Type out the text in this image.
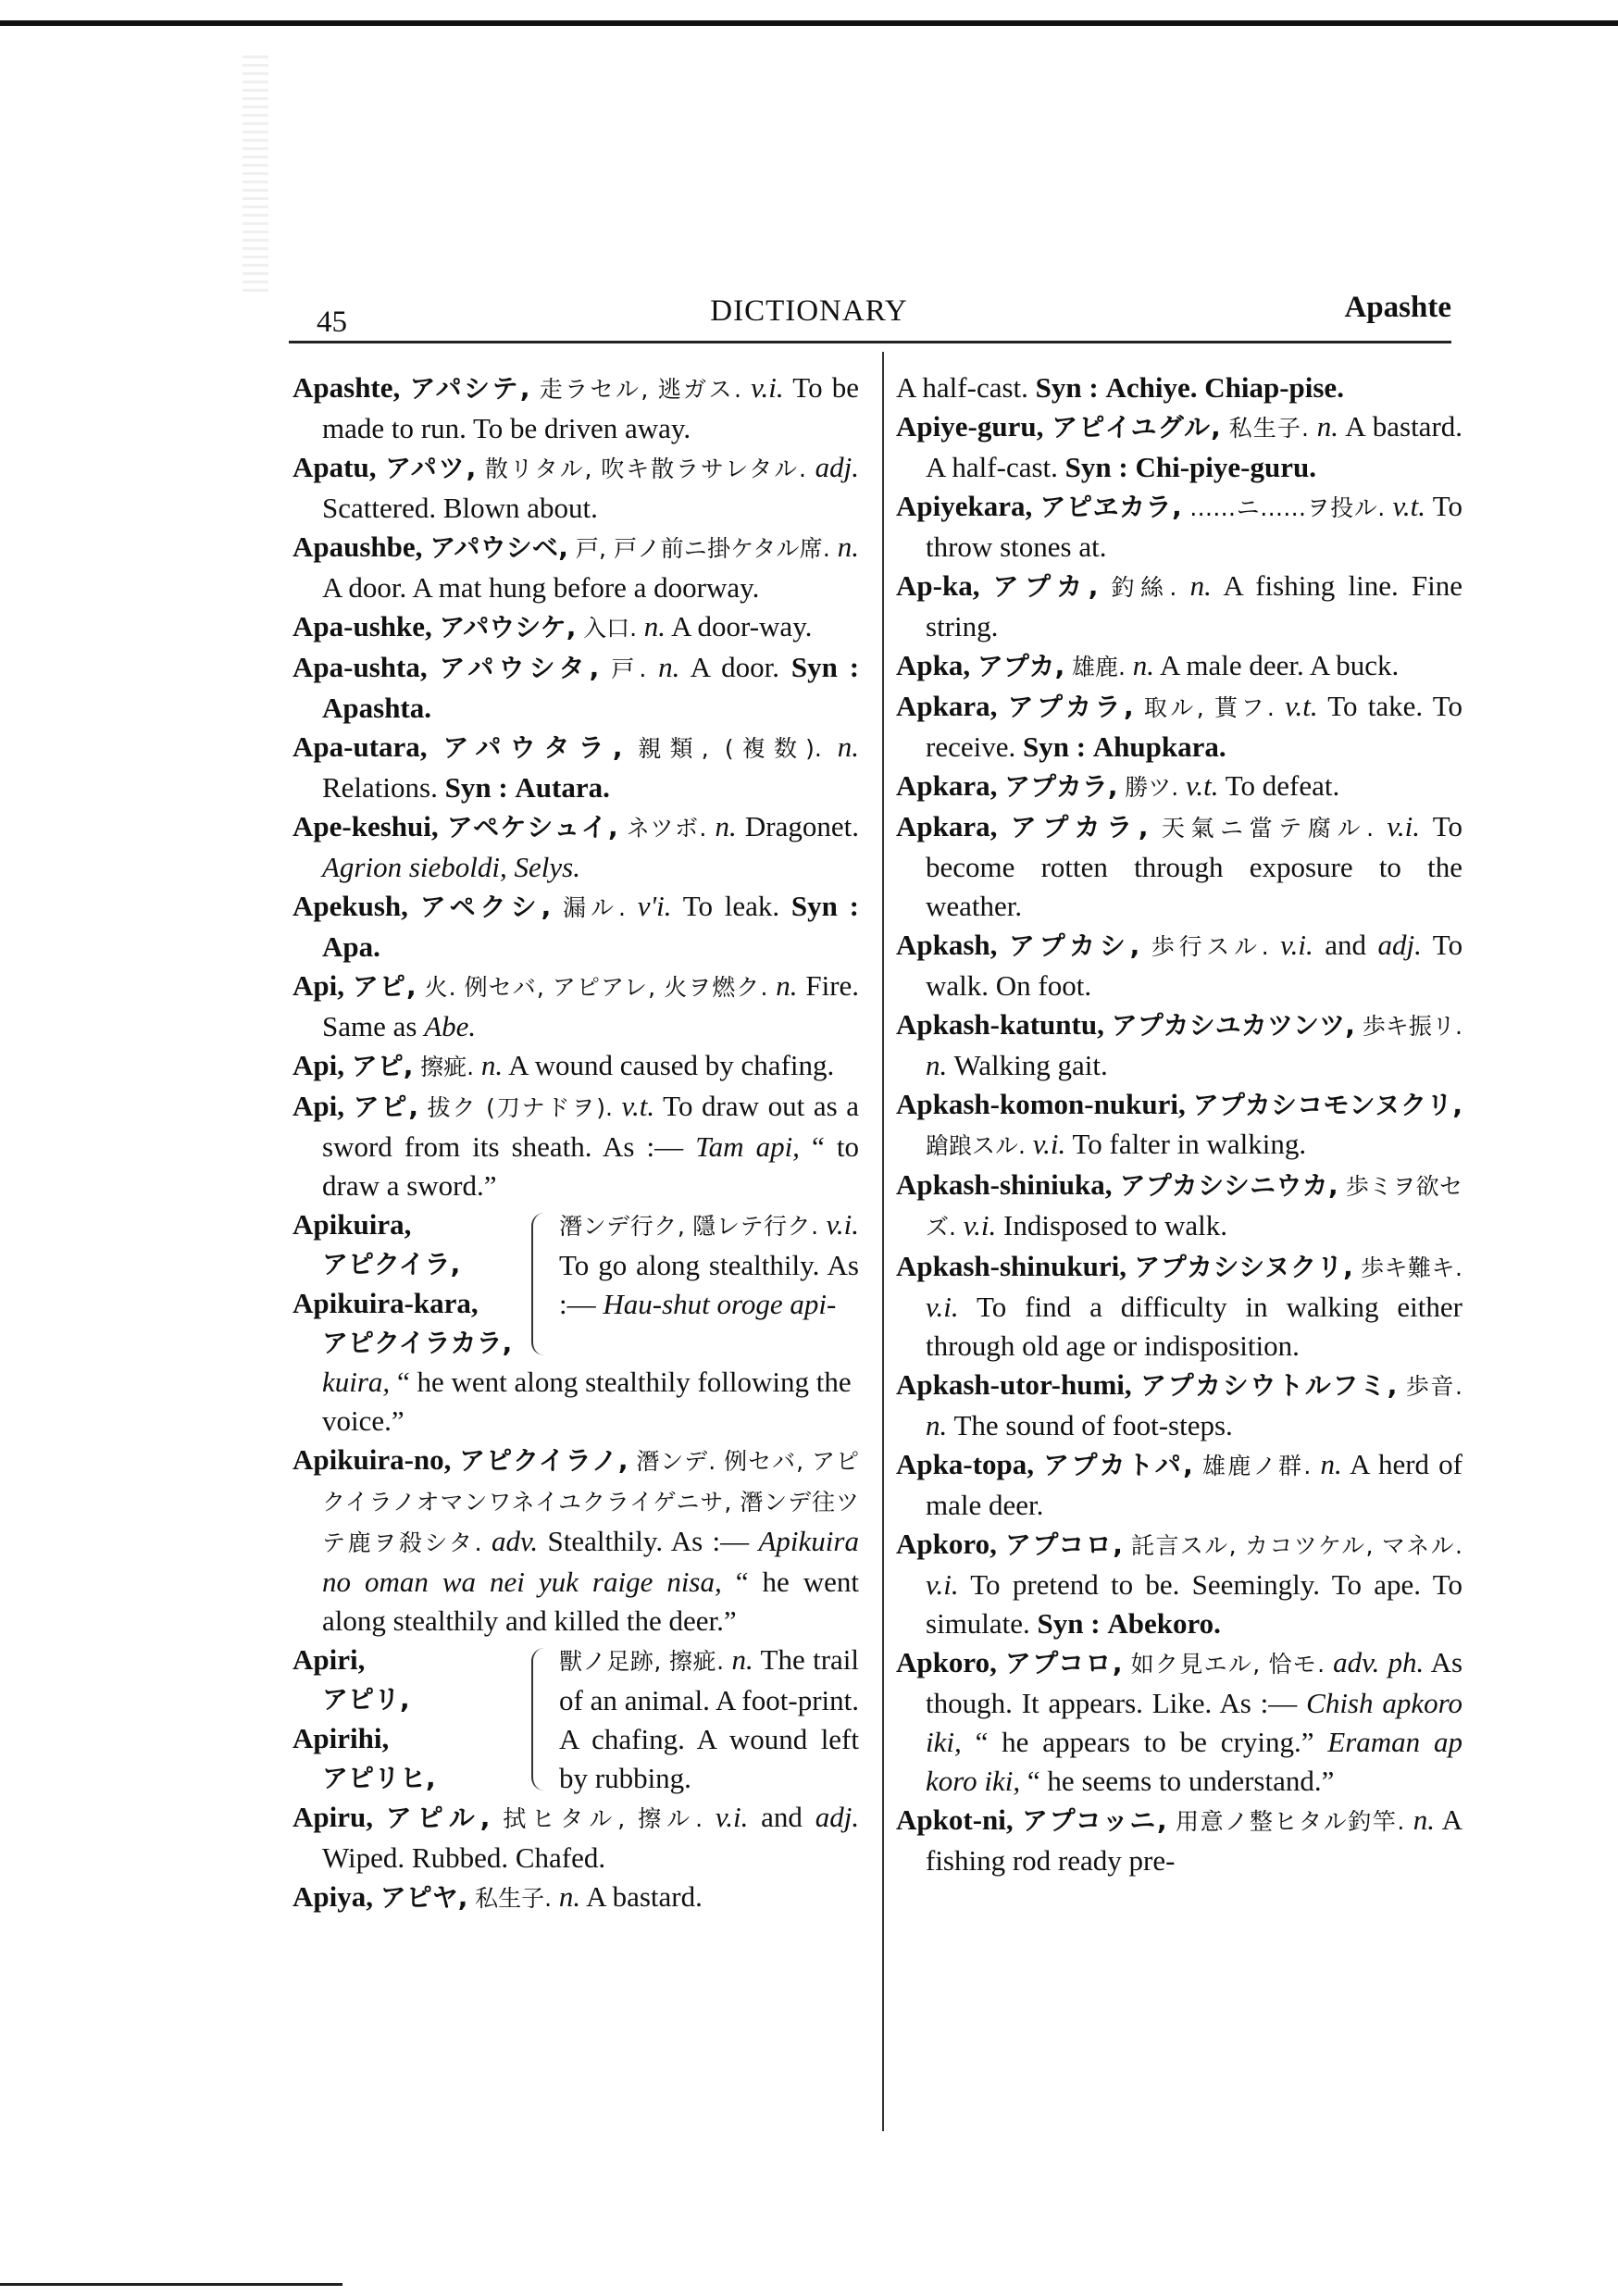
45	DICTIONARY	Apashte
Apashte, アパシテ, 走ラセル, 逃ガス. v.i. To be made to run. To be driven away.
Apatu, アパツ, 散リタル, 吹キ散ラサレタル. adj. Scattered. Blown about.
Apaushbe, アパウシベ, 戸, 戸ノ前ニ掛ケタル席. n. A door. A mat hung before a doorway.
Apa-ushke, アパウシケ, 入口. n. A door-way.
Apa-ushta, アパウシタ, 戸. n. A door. Syn : Apashta.
Apa-utara, アパウタラ, 親類, (複数). n. Relations. Syn : Autara.
Ape-keshui, アペケシュイ, ネツボ. n. Dragonet. Agrion sieboldi, Selys.
Apekush, アペクシ, 漏ル. v'i. To leak. Syn : Apa.
Api, アピ, 火. 例セバ, アピアレ, 火ヲ燃ク. n. Fire. Same as Abe.
Api, アピ, 擦疵. n. A wound caused by chafing.
Api, アピ, 拔ク (刀ナドヲ). v.t. To draw out as a sword from its sheath. As :— Tam api, “ to draw a sword.”
Apikuira,
アピクイラ,
Apikuira-kara,
アピクイラカラ,
潛ンデ行ク, 隱レテ行ク. v.i. To go along stealthily. As :— Hau-shut oroge api-
kuira, “ he went along stealthily following the voice.”
Apikuira-no, アピクイラノ, 潛ンデ. 例セバ, アピクイラノオマンワネイユクライゲニサ, 潛ンデ往ツテ鹿ヲ殺シタ. adv. Stealthily. As :— Apikuira no oman wa nei yuk raige nisa, “ he went along stealthily and killed the deer.”
Apiri,
アピリ,
Apirihi,
アピリヒ,
獸ノ足跡, 擦疵. n. The trail of an animal. A foot-print. A chafing. A wound left by rubbing.
Apiru, アピル, 拭ヒタル, 擦ル. v.i. and adj. Wiped. Rubbed. Chafed.
Apiya, アピヤ, 私生子. n. A bastard.
A half-cast. Syn : Achiye. Chiap-pise.
Apiye-guru, アピイユグル, 私生子. n. A bastard. A half-cast. Syn : Chi-piye-guru.
Apiyekara, アピヱカラ, ……ニ……ヲ投ル. v.t. To throw stones at.
Ap-ka, アプカ, 釣絲. n. A fishing line. Fine string.
Apka, アプカ, 雄鹿. n. A male deer. A buck.
Apkara, アプカラ, 取ル, 貰フ. v.t. To take. To receive. Syn : Ahupkara.
Apkara, アプカラ, 勝ツ. v.t. To defeat.
Apkara, アプカラ, 天氣ニ當テ腐ル. v.i. To become rotten through exposure to the weather.
Apkash, アプカシ, 歩行スル. v.i. and adj. To walk. On foot.
Apkash-katuntu, アプカシユカツンツ, 歩キ振リ. n. Walking gait.
Apkash-komon-nukuri, アプカシコモンヌクリ, 蹌踉スル. v.i. To falter in walking.
Apkash-shiniuka, アプカシシニウカ, 歩ミヲ欲セズ. v.i. Indisposed to walk.
Apkash-shinukuri, アプカシシヌクリ, 歩キ難キ. v.i. To find a difficulty in walking either through old age or indisposition.
Apkash-utor-humi, アプカシウトルフミ, 歩音. n. The sound of foot-steps.
Apka-topa, アプカトパ, 雄鹿ノ群. n. A herd of male deer.
Apkoro, アプコロ, 託言スル, カコツケル, マネル. v.i. To pretend to be. Seemingly. To ape. To simulate. Syn : Abekoro.
Apkoro, アプコロ, 如ク見エル, 恰モ. adv. ph. As though. It appears. Like. As :— Chish apkoro iki, “ he appears to be crying.” Eraman ap koro iki, “ he seems to understand.”
Apkot-ni, アプコッニ, 用意ノ整ヒタル釣竿. n. A fishing rod ready pre-
